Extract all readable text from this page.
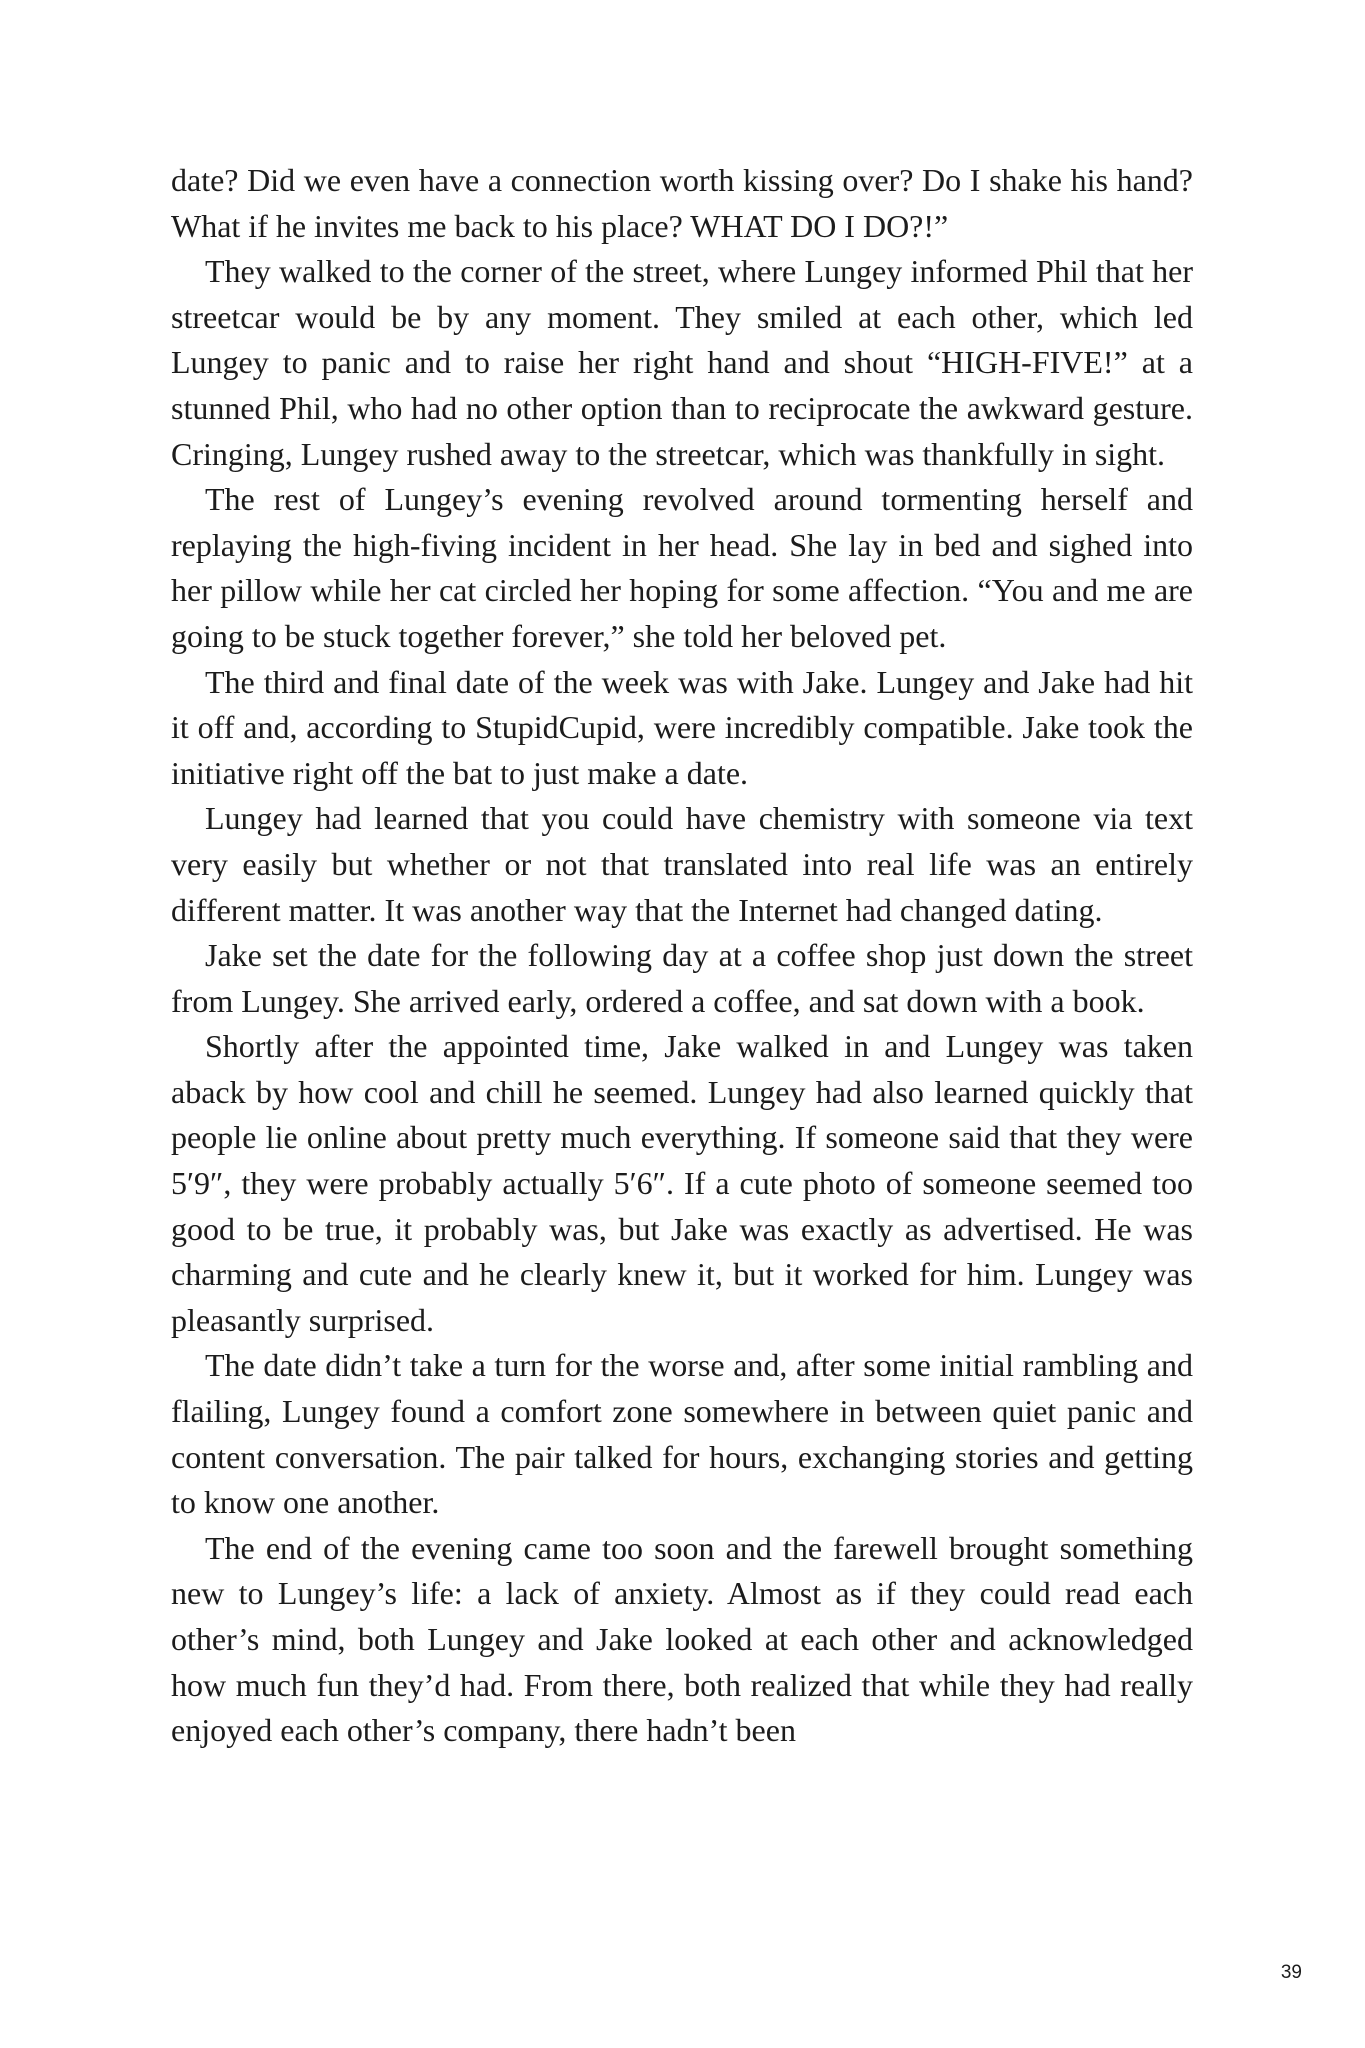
date? Did we even have a connection worth kissing over? Do I shake his hand? What if he invites me back to his place? WHAT DO I DO?!”

They walked to the corner of the street, where Lungey informed Phil that her streetcar would be by any moment. They smiled at each other, which led Lungey to panic and to raise her right hand and shout “HIGH-FIVE!” at a stunned Phil, who had no other option than to reciprocate the awkward gesture. Cringing, Lungey rushed away to the streetcar, which was thankfully in sight.

The rest of Lungey’s evening revolved around tormenting herself and replaying the high-fiving incident in her head. She lay in bed and sighed into her pillow while her cat circled her hoping for some affection. “You and me are going to be stuck together forever,” she told her beloved pet.

The third and final date of the week was with Jake. Lungey and Jake had hit it off and, according to StupidCupid, were incredibly compatible. Jake took the initiative right off the bat to just make a date.

Lungey had learned that you could have chemistry with someone via text very easily but whether or not that translated into real life was an entirely different matter. It was another way that the Internet had changed dating.

Jake set the date for the following day at a coffee shop just down the street from Lungey. She arrived early, ordered a coffee, and sat down with a book.

Shortly after the appointed time, Jake walked in and Lungey was taken aback by how cool and chill he seemed. Lungey had also learned quickly that people lie online about pretty much everything. If someone said that they were 5′9″, they were probably actually 5′6″. If a cute photo of someone seemed too good to be true, it probably was, but Jake was exactly as advertised. He was charming and cute and he clearly knew it, but it worked for him. Lungey was pleasantly surprised.

The date didn’t take a turn for the worse and, after some initial rambling and flailing, Lungey found a comfort zone somewhere in between quiet panic and content conversation. The pair talked for hours, exchanging stories and getting to know one another.

The end of the evening came too soon and the farewell brought something new to Lungey’s life: a lack of anxiety. Almost as if they could read each other’s mind, both Lungey and Jake looked at each other and acknowledged how much fun they’d had. From there, both realized that while they had really enjoyed each other’s company, there hadn’t been

39
